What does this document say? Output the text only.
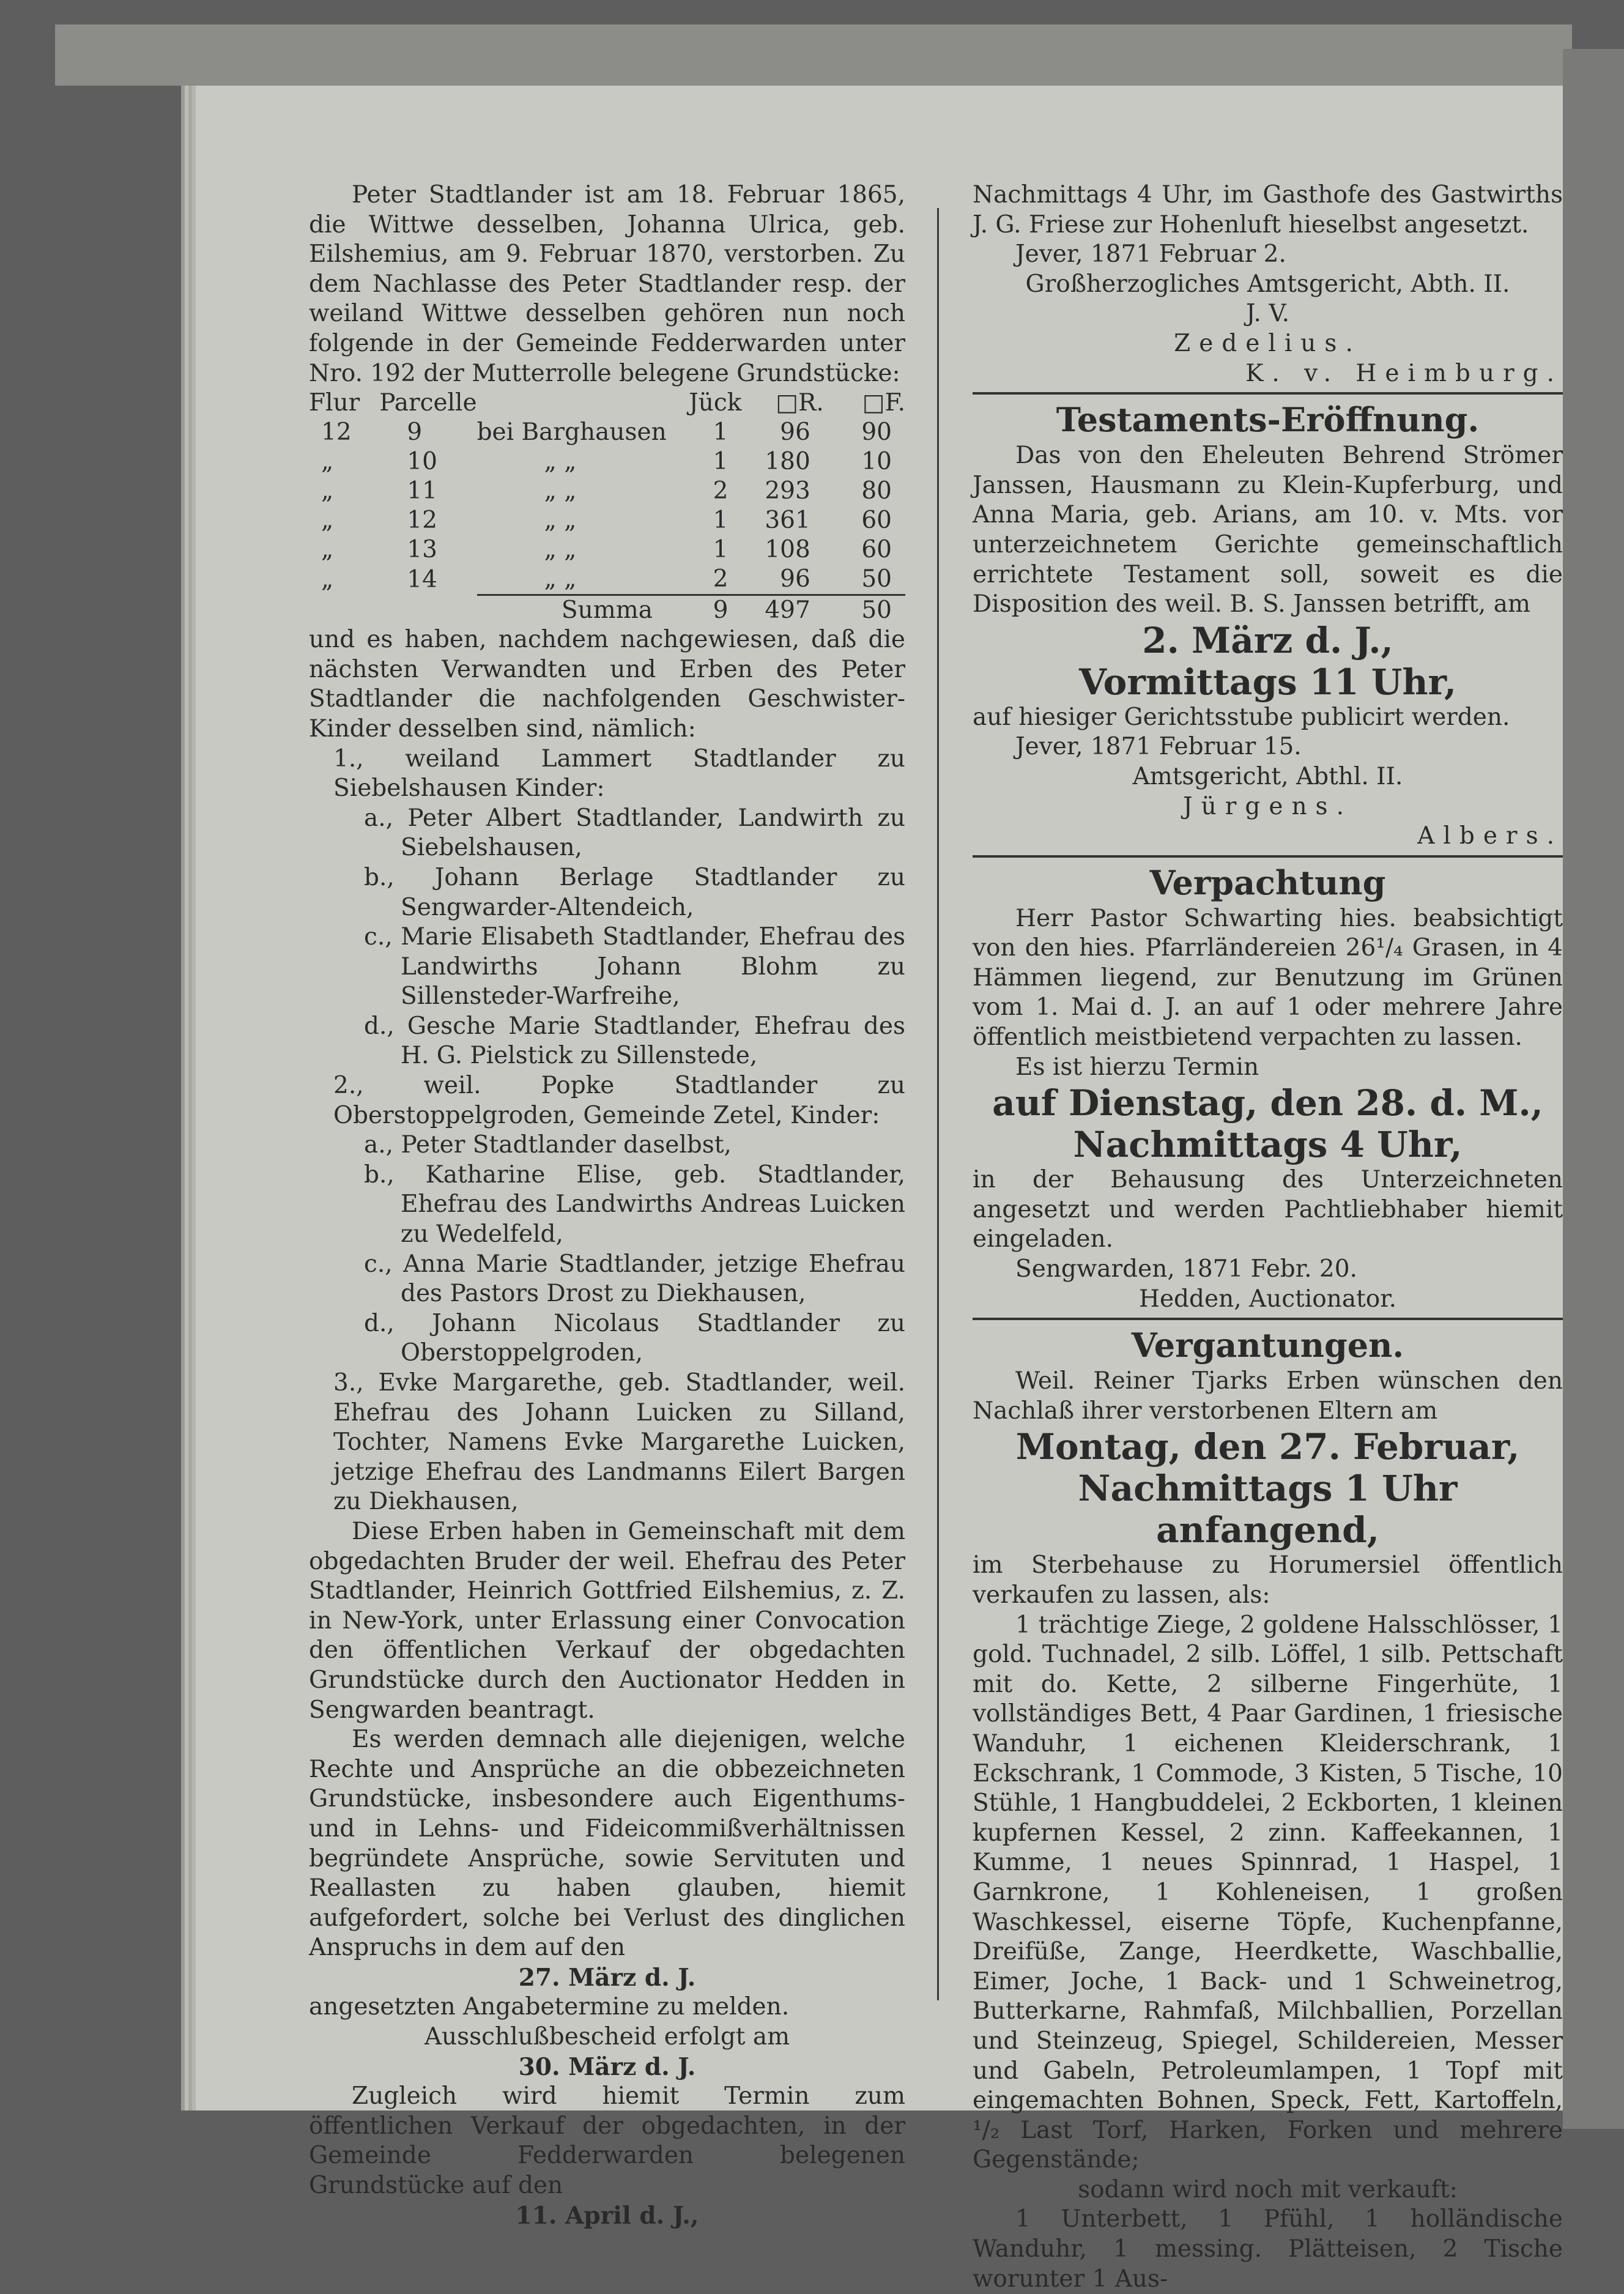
Peter Stadtlander ist am 18. Februar 1865, die Wittwe desselben, Johanna Ulrica, geb. Eilshemius, am 9. Februar 1870, verstorben. Zu dem Nachlasse des Peter Stadtlander resp. der weiland Wittwe desselben gehören nun noch folgende in der Gemeinde Fedderwarden unter Nro. 192 der Mutterrolle belegene Grundstücke:

Flur	Parcelle		Jück	□R.	□F.
12	9	bei Barghausen	1	96	90
„	10	„ „	1	180	10
„	11	„ „	2	293	80
„	12	„ „	1	361	60
„	13	„ „	1	108	60
„	14	„ „	2	96	50
		Summa	9	497	50

und es haben, nachdem nachgewiesen, daß die nächsten Verwandten und Erben des Peter Stadtlander die nachfolgenden Geschwister-Kinder desselben sind, nämlich:

1., weiland Lammert Stadtlander zu Siebelshausen Kinder:

a., Peter Albert Stadtlander, Landwirth zu Siebelshausen,

b., Johann Berlage Stadtlander zu Sengwarder-Altendeich,

c., Marie Elisabeth Stadtlander, Ehefrau des Landwirths Johann Blohm zu Sillensteder-Warfreihe,

d., Gesche Marie Stadtlander, Ehefrau des H. G. Pielstick zu Sillenstede,

2., weil. Popke Stadtlander zu Oberstoppelgroden, Gemeinde Zetel, Kinder:

a., Peter Stadtlander daselbst,

b., Katharine Elise, geb. Stadtlander, Ehefrau des Landwirths Andreas Luicken zu Wedelfeld,

c., Anna Marie Stadtlander, jetzige Ehefrau des Pastors Drost zu Diekhausen,

d., Johann Nicolaus Stadtlander zu Oberstoppelgroden,

3., Evke Margarethe, geb. Stadtlander, weil. Ehefrau des Johann Luicken zu Silland, Tochter, Namens Evke Margarethe Luicken, jetzige Ehefrau des Landmanns Eilert Bargen zu Diekhausen,

Diese Erben haben in Gemeinschaft mit dem obgedachten Bruder der weil. Ehefrau des Peter Stadtlander, Heinrich Gottfried Eilshemius, z. Z. in New-York, unter Erlassung einer Convocation den öffentlichen Verkauf der obgedachten Grundstücke durch den Auctionator Hedden in Sengwarden beantragt.

Es werden demnach alle diejenigen, welche Rechte und Ansprüche an die obbezeichneten Grundstücke, insbesondere auch Eigenthums- und in Lehns- und Fideicommißverhältnissen begründete Ansprüche, sowie Servituten und Reallasten zu haben glauben, hiemit aufgefordert, solche bei Verlust des dinglichen Anspruchs in dem auf den

27. März d. J.

angesetzten Angabetermine zu melden.

Ausschlußbescheid erfolgt am

30. März d. J.

Zugleich wird hiemit Termin zum öffentlichen Verkauf der obgedachten, in der Gemeinde Fedderwarden belegenen Grundstücke auf den

11. April d. J.,

Nachmittags 4 Uhr, im Gasthofe des Gastwirths J. G. Friese zur Hohenluft hieselbst angesetzt.

Jever, 1871 Februar 2.

Großherzogliches Amtsgericht, Abth. II.

J. V.

Zedelius.

K. v. Heimburg.

Testaments-Eröffnung.

Das von den Eheleuten Behrend Strömer Janssen, Hausmann zu Klein-Kupferburg, und Anna Maria, geb. Arians, am 10. v. Mts. vor unterzeichnetem Gerichte gemeinschaftlich errichtete Testament soll, soweit es die Disposition des weil. B. S. Janssen betrifft, am

2. März d. J.,

Vormittags 11 Uhr,

auf hiesiger Gerichtsstube publicirt werden.

Jever, 1871 Februar 15.

Amtsgericht, Abthl. II.

Jürgens.

Albers.

Verpachtung

Herr Pastor Schwarting hies. beabsichtigt von den hies. Pfarrländereien 26¹/₄ Grasen, in 4 Hämmen liegend, zur Benutzung im Grünen vom 1. Mai d. J. an auf 1 oder mehrere Jahre öffentlich meistbietend verpachten zu lassen.

Es ist hierzu Termin

auf Dienstag, den 28. d. M.,

Nachmittags 4 Uhr,

in der Behausung des Unterzeichneten angesetzt und werden Pachtliebhaber hiemit eingeladen.

Sengwarden, 1871 Febr. 20.

Hedden, Auctionator.

Vergantungen.

Weil. Reiner Tjarks Erben wünschen den Nachlaß ihrer verstorbenen Eltern am

Montag, den 27. Februar,

Nachmittags 1 Uhr anfangend,

im Sterbehause zu Horumersiel öffentlich verkaufen zu lassen, als:

1 trächtige Ziege, 2 goldene Halsschlösser, 1 gold. Tuchnadel, 2 silb. Löffel, 1 silb. Pettschaft mit do. Kette, 2 silberne Fingerhüte, 1 vollständiges Bett, 4 Paar Gardinen, 1 friesische Wanduhr, 1 eichenen Kleiderschrank, 1 Eckschrank, 1 Commode, 3 Kisten, 5 Tische, 10 Stühle, 1 Hangbuddelei, 2 Eckborten, 1 kleinen kupfernen Kessel, 2 zinn. Kaffeekannen, 1 Kumme, 1 neues Spinnrad, 1 Haspel, 1 Garnkrone, 1 Kohleneisen, 1 großen Waschkessel, eiserne Töpfe, Kuchenpfanne, Dreifüße, Zange, Heerdkette, Waschballie, Eimer, Joche, 1 Back- und 1 Schweinetrog, Butterkarne, Rahmfaß, Milchballien, Porzellan und Steinzeug, Spiegel, Schildereien, Messer und Gabeln, Petroleumlampen, 1 Topf mit eingemachten Bohnen, Speck, Fett, Kartoffeln, ¹/₂ Last Torf, Harken, Forken und mehrere Gegenstände;

sodann wird noch mit verkauft:

1 Unterbett, 1 Pfühl, 1 holländische Wanduhr, 1 messing. Plätteisen, 2 Tische worunter 1 Aus-
